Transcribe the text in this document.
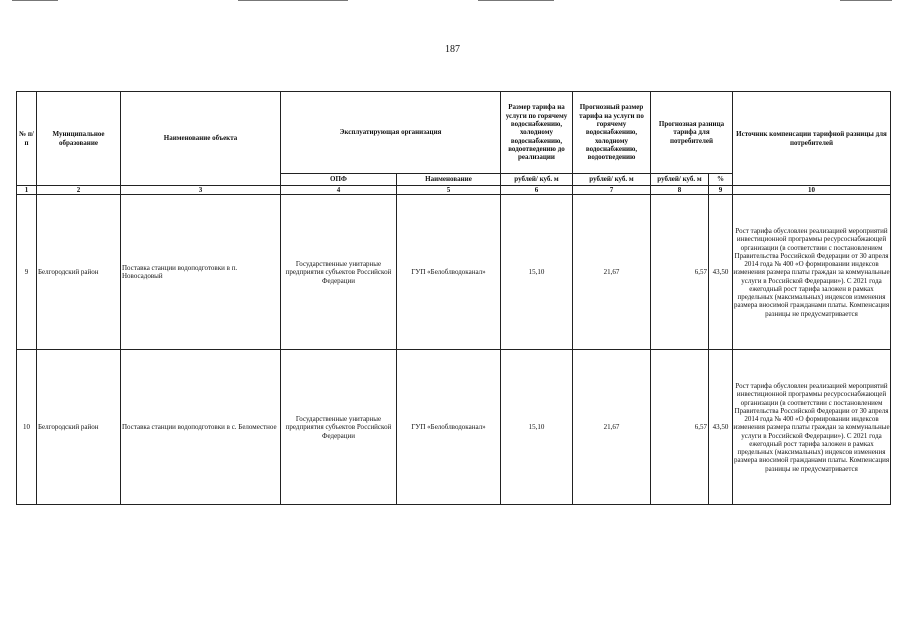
187
№ п/п	Муниципальное образование	Наименование объекта	Эксплуатирующая организация		Размер тарифа на услуги по горячему водоснабжению, холодному водоснабжению, водоотведению до реализации	Прогнозный размер тарифа на услуги по горячему водоснабжению, холодному водоснабжению, водоотведению	Прогнозная разница тарифа для потребителей		Источник компенсации тарифной разницы для потребителей
			ОПФ	Наименование	рублей/ куб. м	рублей/ куб. м	рублей/ куб. м	%	
1	2	3	4	5	6	7	8	9	10
9	Белгородский район	Поставка станции водоподготовки в п. Новосадовый	Государственные унитарные предприятия субъектов Российской Федерации	ГУП «Белоблводоканал»	15,10	21,67	6,57	43,50	Рост тарифа обусловлен реализацией мероприятий инвестиционной программы ресурсоснабжающей организации (в соответствии с постановлением Правительства Российской Федерации от 30 апреля 2014 года № 400 «О формировании индексов изменения размера платы граждан за коммунальные услуги в Российской Федерации»). С 2021 года ежегодный рост тарифа заложен в рамках предельных (максимальных) индексов изменения размера вносимой гражданами платы. Компенсация разницы не предусматривается
10	Белгородский район	Поставка станции водоподготовки в с. Беломестное	Государственные унитарные предприятия субъектов Российской Федерации	ГУП «Белоблводоканал»	15,10	21,67	6,57	43,50	Рост тарифа обусловлен реализацией мероприятий инвестиционной программы ресурсоснабжающей организации (в соответствии с постановлением Правительства Российской Федерации от 30 апреля 2014 года № 400 «О формировании индексов изменения размера платы граждан за коммунальные услуги в Российской Федерации»). С 2021 года ежегодный рост тарифа заложен в рамках предельных (максимальных) индексов изменения размера вносимой гражданами платы. Компенсация разницы не предусматривается
